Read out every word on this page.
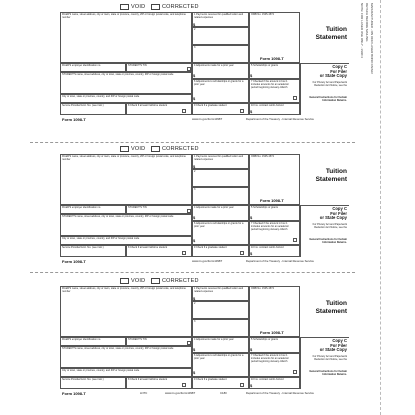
VOID	CORRECTED
FILER'S name, street address, city or town, state or province, country, ZIP or foreign postal code, and telephone number
1 Payments received for qualified tuition and related expenses
$
OMB No. 1545-1574
Form 1098-T
2
3
FILER'S employer identification no.	STUDENT'S TIN	4 Adjustments made for a prior year
$
5 Scholarships or grants
$
STUDENT'S name, street address, city or town, state or province, country, ZIP or foreign postal code
6 Adjustments to scholarships or grants for a prior year
$
7 Checked if the amount in box 1 includes amounts for an academic period beginning January–March
City or town, state or province, country, and ZIP or foreign postal code
Service Provider/Acct. No. (see instr.)	8 Check if at least half-time student	9 Check if a graduate student	10 Ins. contract reimb./refund
$
Tuition
Statement
Copy C
For Filer
or State Copy
For Privacy Act and Paperwork Reduction Act Notice, see the
General Instructions for Certain Information Returns.
Form 1098-T	www.irs.gov/Form1098T	Department of the Treasury - Internal Revenue Service
VOID	CORRECTED
FILER'S name, street address, city or town, state or province, country, ZIP or foreign postal code, and telephone number
1 Payments received for qualified tuition and related expenses
$
OMB No. 1545-1574
Form 1098-T
2
3
FILER'S employer identification no.	STUDENT'S TIN	4 Adjustments made for a prior year
$
5 Scholarships or grants
$
STUDENT'S name, street address, city or town, state or province, country, ZIP or foreign postal code
6 Adjustments to scholarships or grants for a prior year
$
7 Checked if the amount in box 1 includes amounts for an academic period beginning January–March
City or town, state or province, country, and ZIP or foreign postal code
Service Provider/Acct. No. (see instr.)	8 Check if at least half-time student	9 Check if a graduate student	10 Ins. contract reimb./refund
$
Tuition
Statement
Copy C
For Filer
or State Copy
For Privacy Act and Paperwork Reduction Act Notice, see the
General Instructions for Certain Information Returns.
Form 1098-T	www.irs.gov/Form1098T	Department of the Treasury - Internal Revenue Service
VOID	CORRECTED
FILER'S name, street address, city or town, state or province, country, ZIP or foreign postal code, and telephone number
1 Payments received for qualified tuition and related expenses
$
OMB No. 1545-1574
Form 1098-T
2
3
FILER'S employer identification no.	STUDENT'S TIN	4 Adjustments made for a prior year
$
5 Scholarships or grants
$
STUDENT'S name, street address, city or town, state or province, country, ZIP or foreign postal code
6 Adjustments to scholarships or grants for a prior year
$
7 Checked if the amount in box 1 includes amounts for an academic period beginning January–March
City or town, state or province, country, and ZIP or foreign postal code
Service Provider/Acct. No. (see instr.)	8 Check if at least half-time student	9 Check if a graduate student	10 Ins. contract reimb./refund
$
Tuition
Statement
Copy C
For Filer
or State Copy
For Privacy Act and Paperwork Reduction Act Notice, see the
General Instructions for Certain Information Returns.
Form 1098-T	LNTC	www.irs.gov/Form1098T	C180	Department of the Treasury - Internal Revenue Service
MANUFACTURED - ON OCR LASER BOND PAPER
DETACH BEFORE MAILING
NOTE: FOR LASER USE ONLY - 1SRF4
